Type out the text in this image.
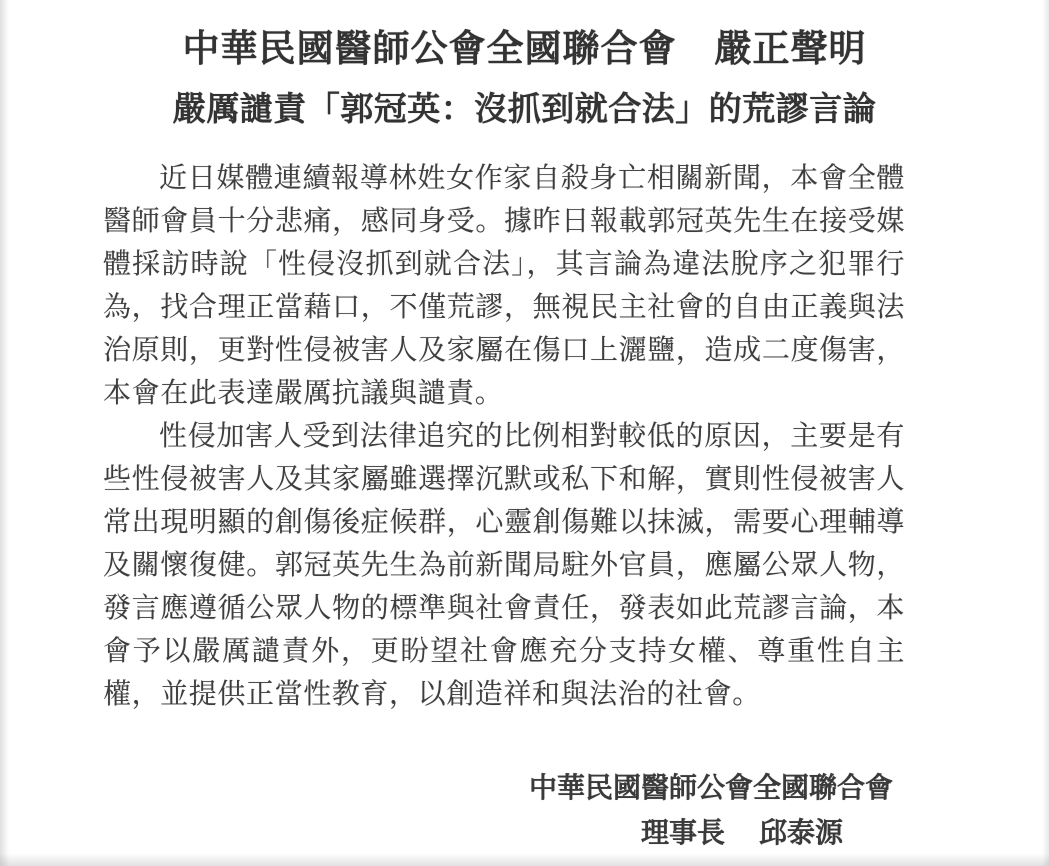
中華民國醫師公會全國聯合會　嚴正聲明
嚴厲譴責「郭冠英：沒抓到就合法」的荒謬言論

近日媒體連續報導林姓女作家自殺身亡相關新聞，本會全體醫師會員十分悲痛，感同身受。據昨日報載郭冠英先生在接受媒體採訪時說「性侵沒抓到就合法」，其言論為違法脫序之犯罪行為，找合理正當藉口，不僅荒謬，無視民主社會的自由正義與法治原則，更對性侵被害人及家屬在傷口上灑鹽，造成二度傷害，本會在此表達嚴厲抗議與譴責。

性侵加害人受到法律追究的比例相對較低的原因，主要是有些性侵被害人及其家屬雖選擇沉默或私下和解，實則性侵被害人常出現明顯的創傷後症候群，心靈創傷難以抹滅，需要心理輔導及關懷復健。郭冠英先生為前新聞局駐外官員，應屬公眾人物，發言應遵循公眾人物的標準與社會責任，發表如此荒謬言論，本會予以嚴厲譴責外，更盼望社會應充分支持女權、尊重性自主權，並提供正當性教育，以創造祥和與法治的社會。

中華民國醫師公會全國聯合會
理事長 邱泰源
